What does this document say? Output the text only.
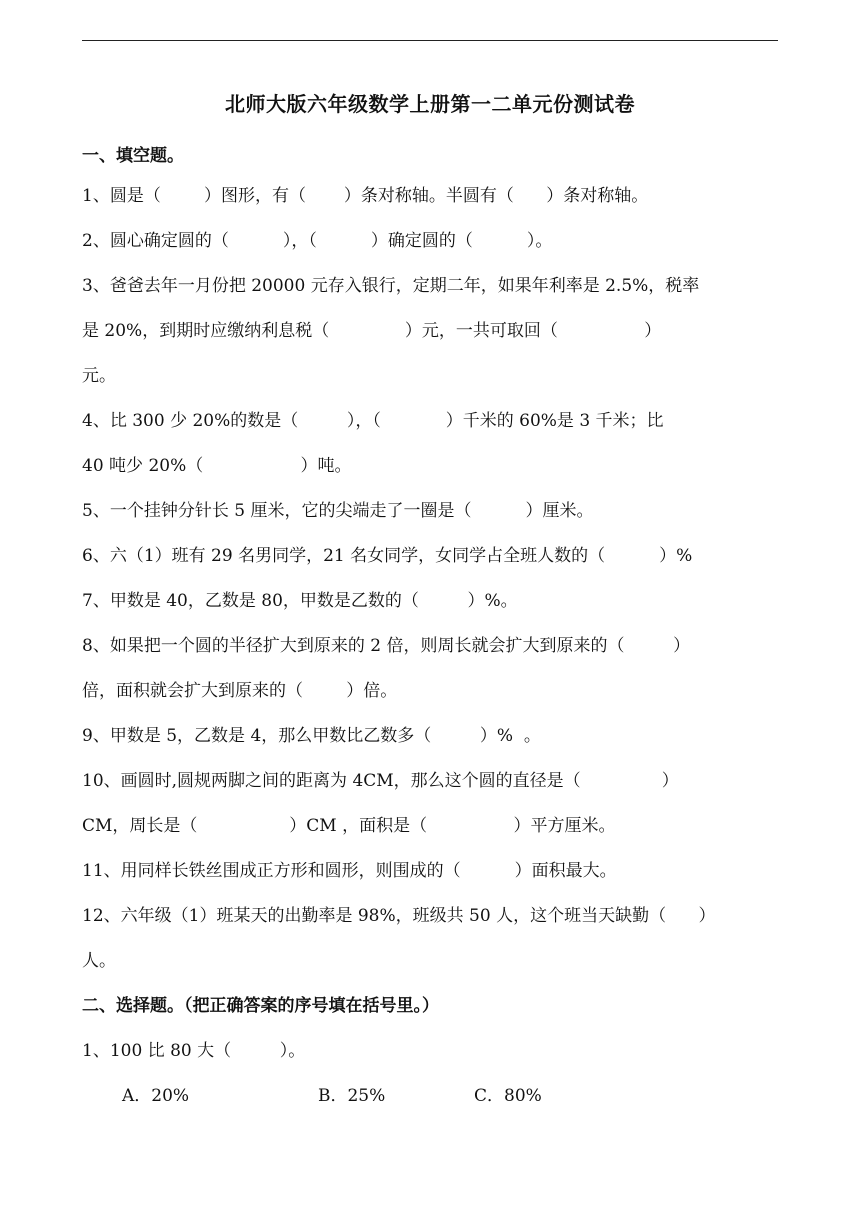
北师大版六年级数学上册第一二单元份测试卷
一、填空题。
1、圆是（        ）图形，有（       ）条对称轴。半圆有（      ）条对称轴。
2、圆心确定圆的（          ），（          ）确定圆的（          ）。
3、爸爸去年一月份把 20000 元存入银行，定期二年，如果年利率是 2.5%，税率
是 20%，到期时应缴纳利息税（              ）元，一共可取回（                ）
元。
4、比 300 少 20%的数是（         ），（            ）千米的 60%是 3 千米；比
40 吨少 20%（                  ）吨。
5、一个挂钟分针长 5 厘米，它的尖端走了一圈是（          ）厘米。
6、六（1）班有 29 名男同学，21 名女同学，女同学占全班人数的（          ）%
7、甲数是 40，乙数是 80，甲数是乙数的（         ）%。
8、如果把一个圆的半径扩大到原来的 2 倍，则周长就会扩大到原来的（         ）
倍，面积就会扩大到原来的（        ）倍。
9、甲数是 5，乙数是 4，那么甲数比乙数多（         ）%  。
10、画圆时,圆规两脚之间的距离为 4CM，那么这个圆的直径是（               ）
CM，周长是（                 ）CM ，面积是（                ）平方厘米。
11、用同样长铁丝围成正方形和圆形，则围成的（          ）面积最大。
12、六年级（1）班某天的出勤率是 98%，班级共 50 人，这个班当天缺勤（      ）
人。
二、选择题。（把正确答案的序号填在括号里。）
1、100 比 80 大（         ）。
A．20%	B．25%	C．80%
